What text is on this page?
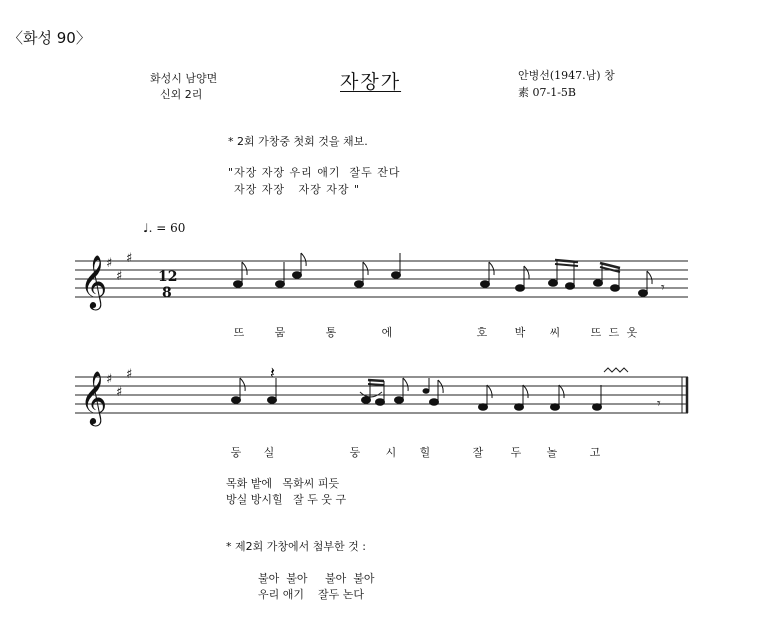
〈화성 90〉
화성시 남양면
신외 2리
자장가	안병선(1947.남) 창
素 07-1-5B
* 2회 가창중 첫회 것을 채보.
"자장 자장 우리 애기  잘두 잔다
자장 자장   자장 자장 "
♩. = 60
𝄞
𝄞
♯
♯
♯
♯
♯
♯
12
8	𝄾
𝄽
𝄾
뜨	뭄	통	에	호 박 씨	뜨 드 옷
둥 실	둥 시 힐	잘 두 놀	고
목화 밭에   목화씨 피듯
방실 방시힐   잘 두 웃 구
* 제2회 가창에서 첨부한 것 :
불아  불아     불아  불아
우리 애기    잘두 논다
